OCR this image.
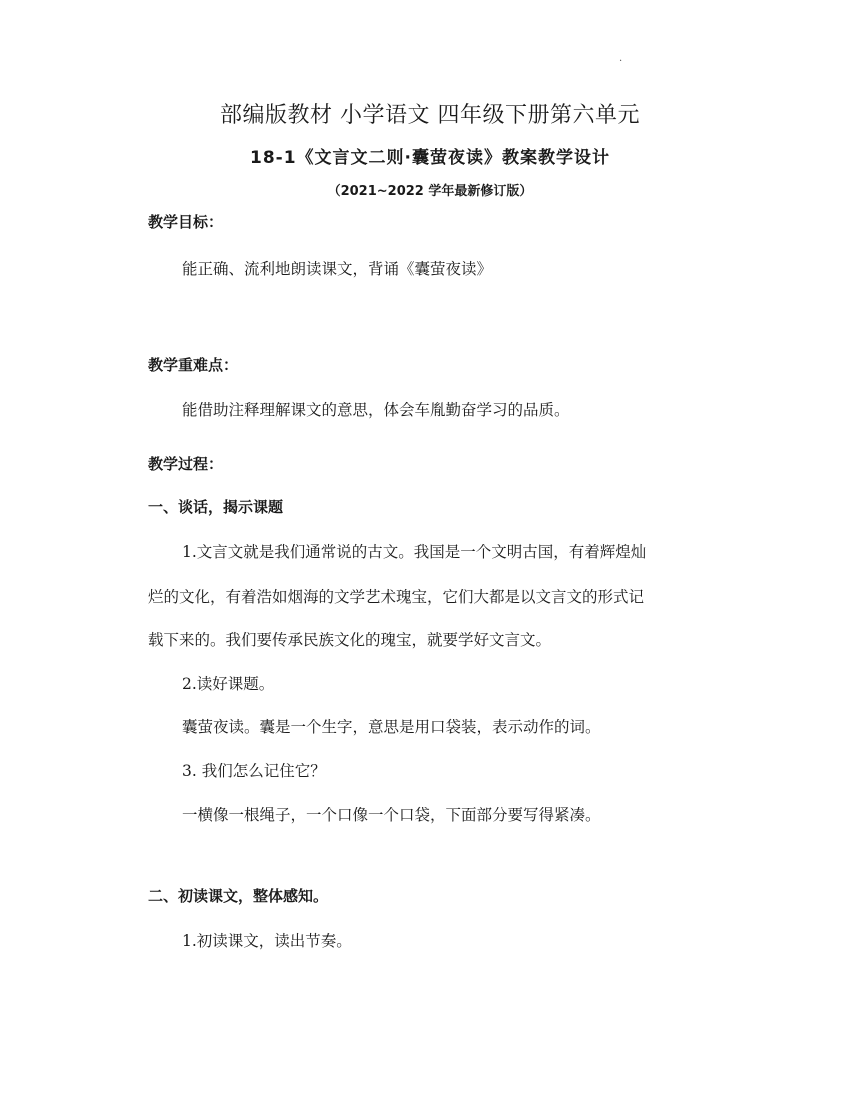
.
部编版教材 小学语文 四年级下册第六单元
18-1《文言文二则·囊萤夜读》教案教学设计
（2021~2022 学年最新修订版）
教学目标：
能正确、流利地朗读课文，背诵《囊萤夜读》
教学重难点：
能借助注释理解课文的意思，体会车胤勤奋学习的品质。
教学过程：
一、谈话，揭示课题
1.文言文就是我们通常说的古文。我国是一个文明古国，有着辉煌灿
烂的文化，有着浩如烟海的文学艺术瑰宝，它们大都是以文言文的形式记
载下来的。我们要传承民族文化的瑰宝，就要学好文言文。
2.读好课题。
囊萤夜读。囊是一个生字，意思是用口袋装，表示动作的词。
3. 我们怎么记住它？
一横像一根绳子，一个口像一个口袋，下面部分要写得紧凑。
二、初读课文，整体感知。
1.初读课文，读出节奏。
